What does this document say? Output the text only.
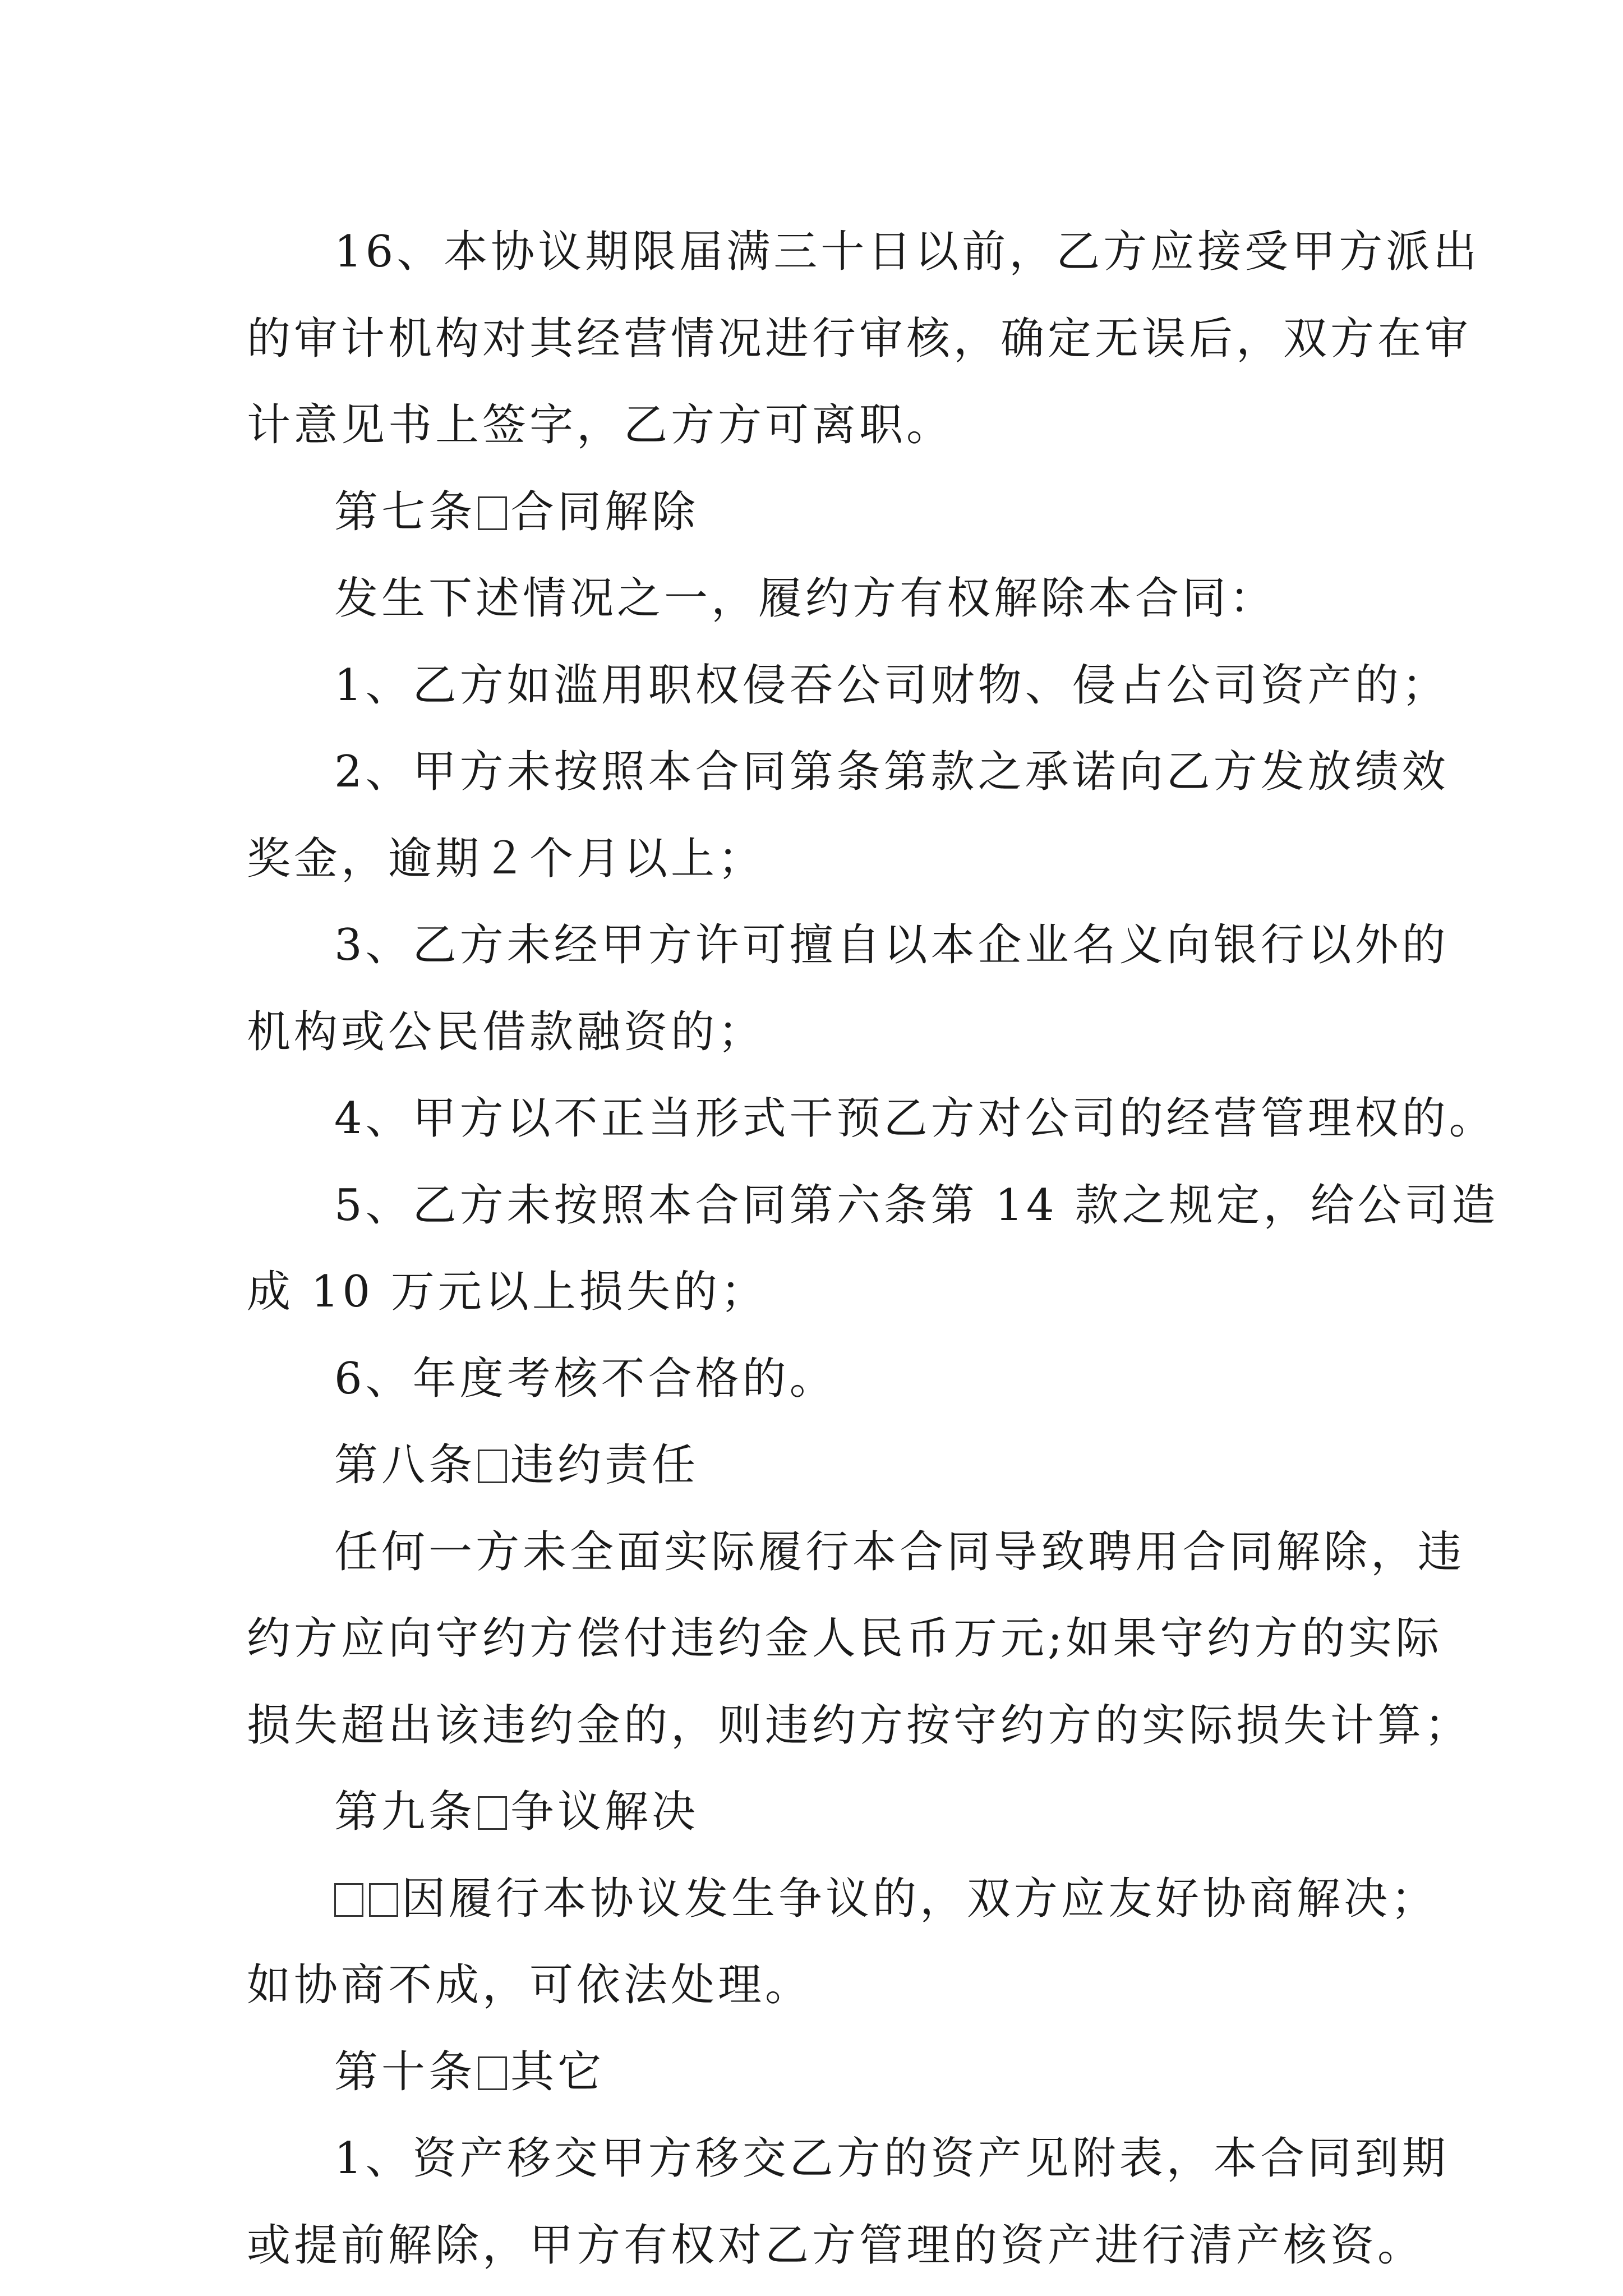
16、本协议期限届满三十日以前，乙方应接受甲方派出
的审计机构对其经营情况进行审核，确定无误后，双方在审
计意见书上签字，乙方方可离职。
第七条 合同解除
发生下述情况之一，履约方有权解除本合同：
1、乙方如滥用职权侵吞公司财物、侵占公司资产的；
2、甲方未按照本合同第条第款之承诺向乙方发放绩效
奖金，逾期２个月以上；
3、乙方未经甲方许可擅自以本企业名义向银行以外的
机构或公民借款融资的；
4、甲方以不正当形式干预乙方对公司的经营管理权的。
5、乙方未按照本合同第六条第 14 款之规定，给公司造
成 10 万元以上损失的；
6、年度考核不合格的。
第八条 违约责任
任何一方未全面实际履行本合同导致聘用合同解除，违
约方应向守约方偿付违约金人民币万元;如果守约方的实际
损失超出该违约金的，则违约方按守约方的实际损失计算；
第九条 争议解决
因履行本协议发生争议的，双方应友好协商解决；
如协商不成，可依法处理。
第十条 其它
1、资产移交甲方移交乙方的资产见附表，本合同到期
或提前解除，甲方有权对乙方管理的资产进行清产核资。
